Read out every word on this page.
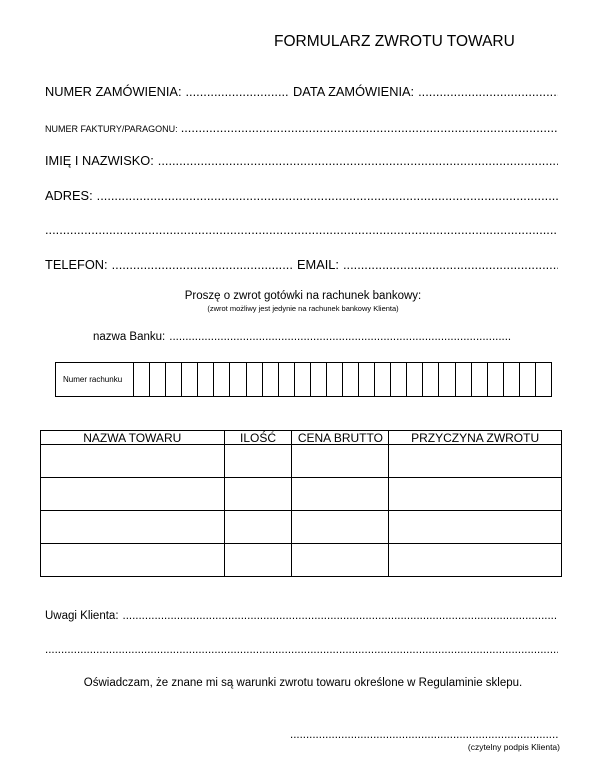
FORMULARZ ZWROTU TOWARU
NUMER ZAMÓWIENIA: .....	DATA ZAMÓWIENIA:
.....
NUMER FAKTURY/PARAGONU:
.....
IMIĘ I NAZWISKO:
.....
ADRES:
.....
.....
TELEFON: .....	EMAIL:
.....
Proszę o zwrot gotówki na rachunek bankowy:
(zwrot możliwy jest jedynie na rachunek bankowy Klienta)
nazwa Banku:
.....
Numer rachunku
NAZWA TOWARU	ILOŚĆ	CENA BRUTTO	PRZYCZYNA ZWROTU

Uwagi Klienta:
.....
.....
Oświadczam, że znane mi są warunki zwrotu towaru określone w Regulaminie sklepu.
.....
(czytelny podpis Klienta)
